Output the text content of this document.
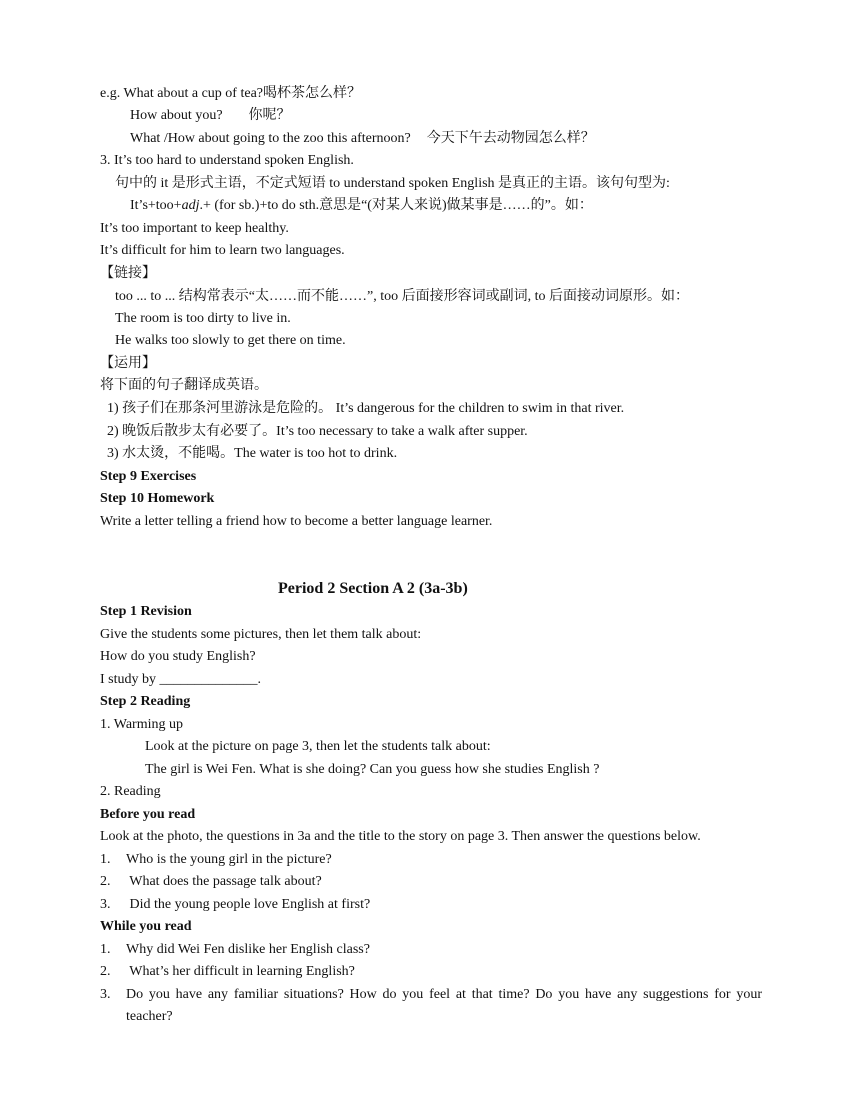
e.g. What about a cup of tea?喝杯茶怎么样？
How about you? 你呢？
What /How about going to the zoo this afternoon? 今天下午去动物园怎么样？
3. It’s too hard to understand spoken English.
句中的 it 是形式主语，不定式短语 to understand spoken English 是真正的主语。该句句型为:
It’s+too+adj.+ (for sb.)+to do sth.意思是“(对某人来说)做某事是……的”。如：
It’s too important to keep healthy.
It’s difficult for him to learn two languages.
【链接】
too ... to ... 结构常表示“太……而不能……”, too 后面接形容词或副词, to 后面接动词原形。如：
The room is too dirty to live in.
He walks too slowly to get there on time.
【运用】
将下面的句子翻译成英语。
1) 孩子们在那条河里游泳是危险的。 It’s dangerous for the children to swim in that river.
2) 晚饭后散步太有必要了。It’s too necessary to take a walk after supper.
3) 水太烫，不能喝。The water is too hot to drink.
Step 9 Exercises
Step 10 Homework
Write a letter telling a friend how to become a better language learner.
Period 2 Section A 2 (3a-3b)
Step 1 Revision
Give the students some pictures, then let them talk about:
How do you study English?
I study by ______________.
Step 2 Reading
1. Warming up
Look at the picture on page 3, then let the students talk about:
The girl is Wei Fen. What is she doing? Can you guess how she studies English ?
2. Reading
Before you read
Look at the photo, the questions in 3a and the title to the story on page 3. Then answer the questions below.
1. Who is the young girl in the picture?
2. What does the passage talk about?
3. Did the young people love English at first?
While you read
1. Why did Wei Fen dislike her English class?
2. What’s her difficult in learning English?
3. Do you have any familiar situations? How do you feel at that time? Do you have any suggestions for your teacher?
